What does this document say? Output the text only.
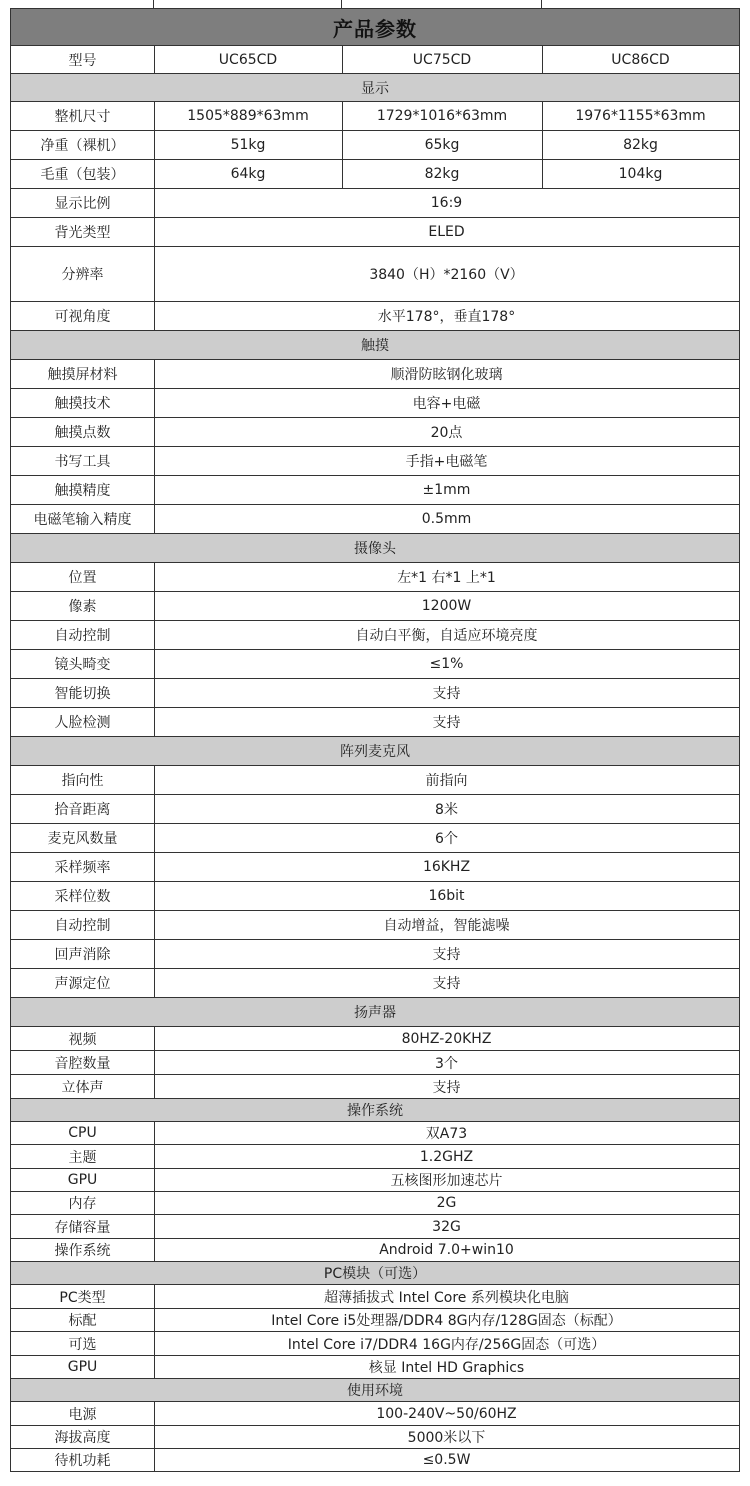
产品参数
型号	UC65CD	UC75CD	UC86CD
显示
整机尺寸	1505*889*63mm	1729*1016*63mm	1976*1155*63mm
净重（裸机）	51kg	65kg	82kg
毛重（包装）	64kg	82kg	104kg
显示比例	16:9
背光类型	ELED
分辨率	3840（H）*2160（V）
可视角度	水平178°，垂直178°
触摸
触摸屏材料	顺滑防眩钢化玻璃
触摸技术	电容+电磁
触摸点数	20点
书写工具	手指+电磁笔
触摸精度	±1mm
电磁笔输入精度	0.5mm
摄像头
位置	左*1 右*1 上*1
像素	1200W
自动控制	自动白平衡，自适应环境亮度
镜头畸变	≤1%
智能切换	支持
人脸检测	支持
阵列麦克风
指向性	前指向
拾音距离	8米
麦克风数量	6个
采样频率	16KHZ
采样位数	16bit
自动控制	自动增益，智能滤噪
回声消除	支持
声源定位	支持
扬声器
视频	80HZ-20KHZ
音腔数量	3个
立体声	支持
操作系统
CPU	双A73
主题	1.2GHZ
GPU	五核图形加速芯片
内存	2G
存储容量	32G
操作系统	Android 7.0+win10
PC模块（可选）
PC类型	超薄插拔式 Intel Core 系列模块化电脑
标配	Intel Core i5处理器/DDR4 8G内存/128G固态（标配）
可选	Intel Core i7/DDR4 16G内存/256G固态（可选）
GPU	核显 Intel HD Graphics
使用环境
电源	100-240V~50/60HZ
海拔高度	5000米以下
待机功耗	≤0.5W
